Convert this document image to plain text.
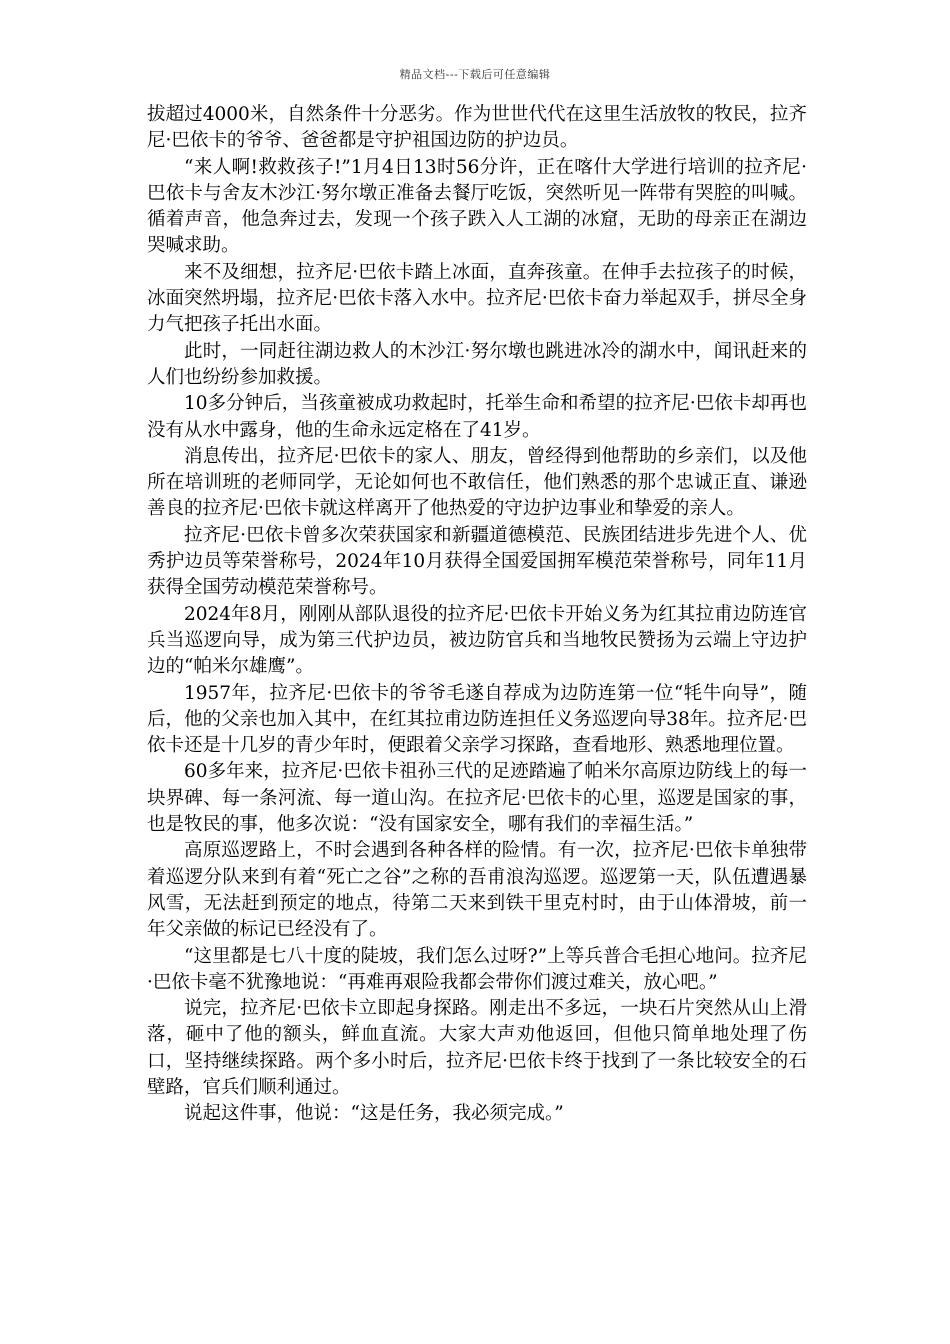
精品文档---下载后可任意编辑

拔超过4000米，自然条件十分恶劣。作为世世代代在这里生活放牧的牧民，拉齐尼·巴依卡的爷爷、爸爸都是守护祖国边防的护边员。

“来人啊!救救孩子!”1月4日13时56分许，正在喀什大学进行培训的拉齐尼·巴依卡与舍友木沙江·努尔墩正准备去餐厅吃饭，突然听见一阵带有哭腔的叫喊。循着声音，他急奔过去，发现一个孩子跌入人工湖的冰窟，无助的母亲正在湖边哭喊求助。

来不及细想，拉齐尼·巴依卡踏上冰面，直奔孩童。在伸手去拉孩子的时候，冰面突然坍塌，拉齐尼·巴依卡落入水中。拉齐尼·巴依卡奋力举起双手，拼尽全身力气把孩子托出水面。

此时，一同赶往湖边救人的木沙江·努尔墩也跳进冰冷的湖水中，闻讯赶来的人们也纷纷参加救援。

10多分钟后，当孩童被成功救起时，托举生命和希望的拉齐尼·巴依卡却再也没有从水中露身，他的生命永远定格在了41岁。

消息传出，拉齐尼·巴依卡的家人、朋友，曾经得到他帮助的乡亲们，以及他所在培训班的老师同学，无论如何也不敢信任，他们熟悉的那个忠诚正直、谦逊善良的拉齐尼·巴依卡就这样离开了他热爱的守边护边事业和挚爱的亲人。

拉齐尼·巴依卡曾多次荣获国家和新疆道德模范、民族团结进步先进个人、优秀护边员等荣誉称号，2024年10月获得全国爱国拥军模范荣誉称号，同年11月获得全国劳动模范荣誉称号。

2024年8月，刚刚从部队退役的拉齐尼·巴依卡开始义务为红其拉甫边防连官兵当巡逻向导，成为第三代护边员，被边防官兵和当地牧民赞扬为云端上守边护边的“帕米尔雄鹰”。

1957年，拉齐尼·巴依卡的爷爷毛遂自荐成为边防连第一位“牦牛向导”，随后，他的父亲也加入其中，在红其拉甫边防连担任义务巡逻向导38年。拉齐尼·巴依卡还是十几岁的青少年时，便跟着父亲学习探路，查看地形、熟悉地理位置。

60多年来，拉齐尼·巴依卡祖孙三代的足迹踏遍了帕米尔高原边防线上的每一块界碑、每一条河流、每一道山沟。在拉齐尼·巴依卡的心里，巡逻是国家的事，也是牧民的事，他多次说：“没有国家安全，哪有我们的幸福生活。”

高原巡逻路上，不时会遇到各种各样的险情。有一次，拉齐尼·巴依卡单独带着巡逻分队来到有着“死亡之谷”之称的吾甫浪沟巡逻。巡逻第一天，队伍遭遇暴风雪，无法赶到预定的地点，待第二天来到铁干里克村时，由于山体滑坡，前一年父亲做的标记已经没有了。

“这里都是七八十度的陡坡，我们怎么过呀?”上等兵普合毛担心地问。拉齐尼·巴依卡毫不犹豫地说：“再难再艰险我都会带你们渡过难关，放心吧。”

说完，拉齐尼·巴依卡立即起身探路。刚走出不多远，一块石片突然从山上滑落，砸中了他的额头，鲜血直流。大家大声劝他返回，但他只简单地处理了伤口，坚持继续探路。两个多小时后，拉齐尼·巴依卡终于找到了一条比较安全的石壁路，官兵们顺利通过。

说起这件事，他说：“这是任务，我必须完成。”
